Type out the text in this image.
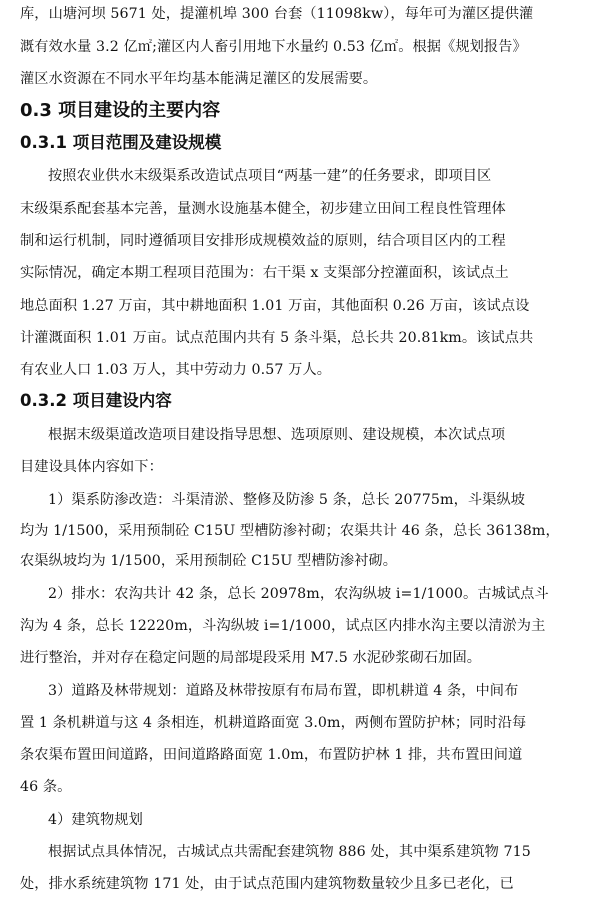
库，山塘河坝 5671 处，提灌机埠 300 台套（11098kw），每年可为灌区提供灌
溉有效水量 3.2 亿㎡;灌区内人畜引用地下水量约 0.53 亿㎡。根据《规划报告》
灌区水资源在不同水平年均基本能满足灌区的发展需要。
0.3 项目建设的主要内容
0.3.1 项目范围及建设规模
按照农业供水末级渠系改造试点项目“两基一建”的任务要求，即项目区
末级渠系配套基本完善，量测水设施基本健全，初步建立田间工程良性管理体
制和运行机制，同时遵循项目安排形成规模效益的原则，结合项目区内的工程
实际情况，确定本期工程项目范围为：右干渠 x 支渠部分控灌面积，该试点土
地总面积 1.27 万亩，其中耕地面积 1.01 万亩，其他面积 0.26 万亩，该试点设
计灌溉面积 1.01 万亩。试点范围内共有 5 条斗渠，总长共 20.81km。该试点共
有农业人口 1.03 万人，其中劳动力 0.57 万人。
0.3.2 项目建设内容
根据末级渠道改造项目建设指导思想、选项原则、建设规模，本次试点项
目建设具体内容如下：
1）渠系防渗改造：斗渠清淤、整修及防渗 5 条，总长 20775m，斗渠纵坡
均为 1/1500，采用预制砼 C15U 型槽防渗衬砌；农渠共计 46 条，总长 36138m，
农渠纵坡均为 1/1500，采用预制砼 C15U 型槽防渗衬砌。
2）排水：农沟共计 42 条，总长 20978m，农沟纵坡 i=1/1000。古城试点斗
沟为 4 条，总长 12220m，斗沟纵坡 i=1/1000，试点区内排水沟主要以清淤为主
进行整治，并对存在稳定问题的局部堤段采用 M7.5 水泥砂浆砌石加固。
3）道路及林带规划：道路及林带按原有布局布置，即机耕道 4 条，中间布
置 1 条机耕道与这 4 条相连，机耕道路面宽 3.0m，两侧布置防护林；同时沿每
条农渠布置田间道路，田间道路路面宽 1.0m，布置防护林 1 排，共布置田间道
46 条。
4）建筑物规划
根据试点具体情况，古城试点共需配套建筑物 886 处，其中渠系建筑物 715
处，排水系统建筑物 171 处，由于试点范围内建筑物数量较少且多已老化，已
